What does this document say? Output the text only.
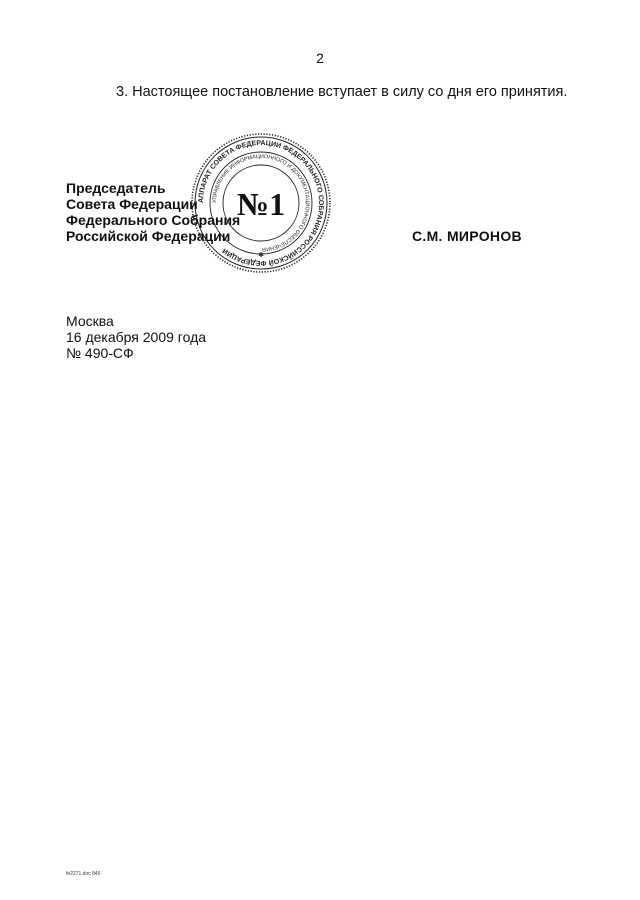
2

3. Настоящее постановление вступает в силу со дня его принятия.

АППАРАТ СОВЕТА ФЕДЕРАЦИИ ФЕДЕРАЛЬНОГО СОБРАНИЯ РОССИЙСКОЙ ФЕДЕРАЦИИ
УПРАВЛЕНИЕ ИНФОРМАЦИОННОГО И ДОКУМЕНТАЦИОННОГО ОБЕСПЕЧЕНИЯ
№1
✱
Председатель
Совета Федерации
Федерального Собрания
Российской Федерации	С.М. МИРОНОВ
Москва
16 декабря 2009 года
№ 490-СФ
fe2271.doc 845
